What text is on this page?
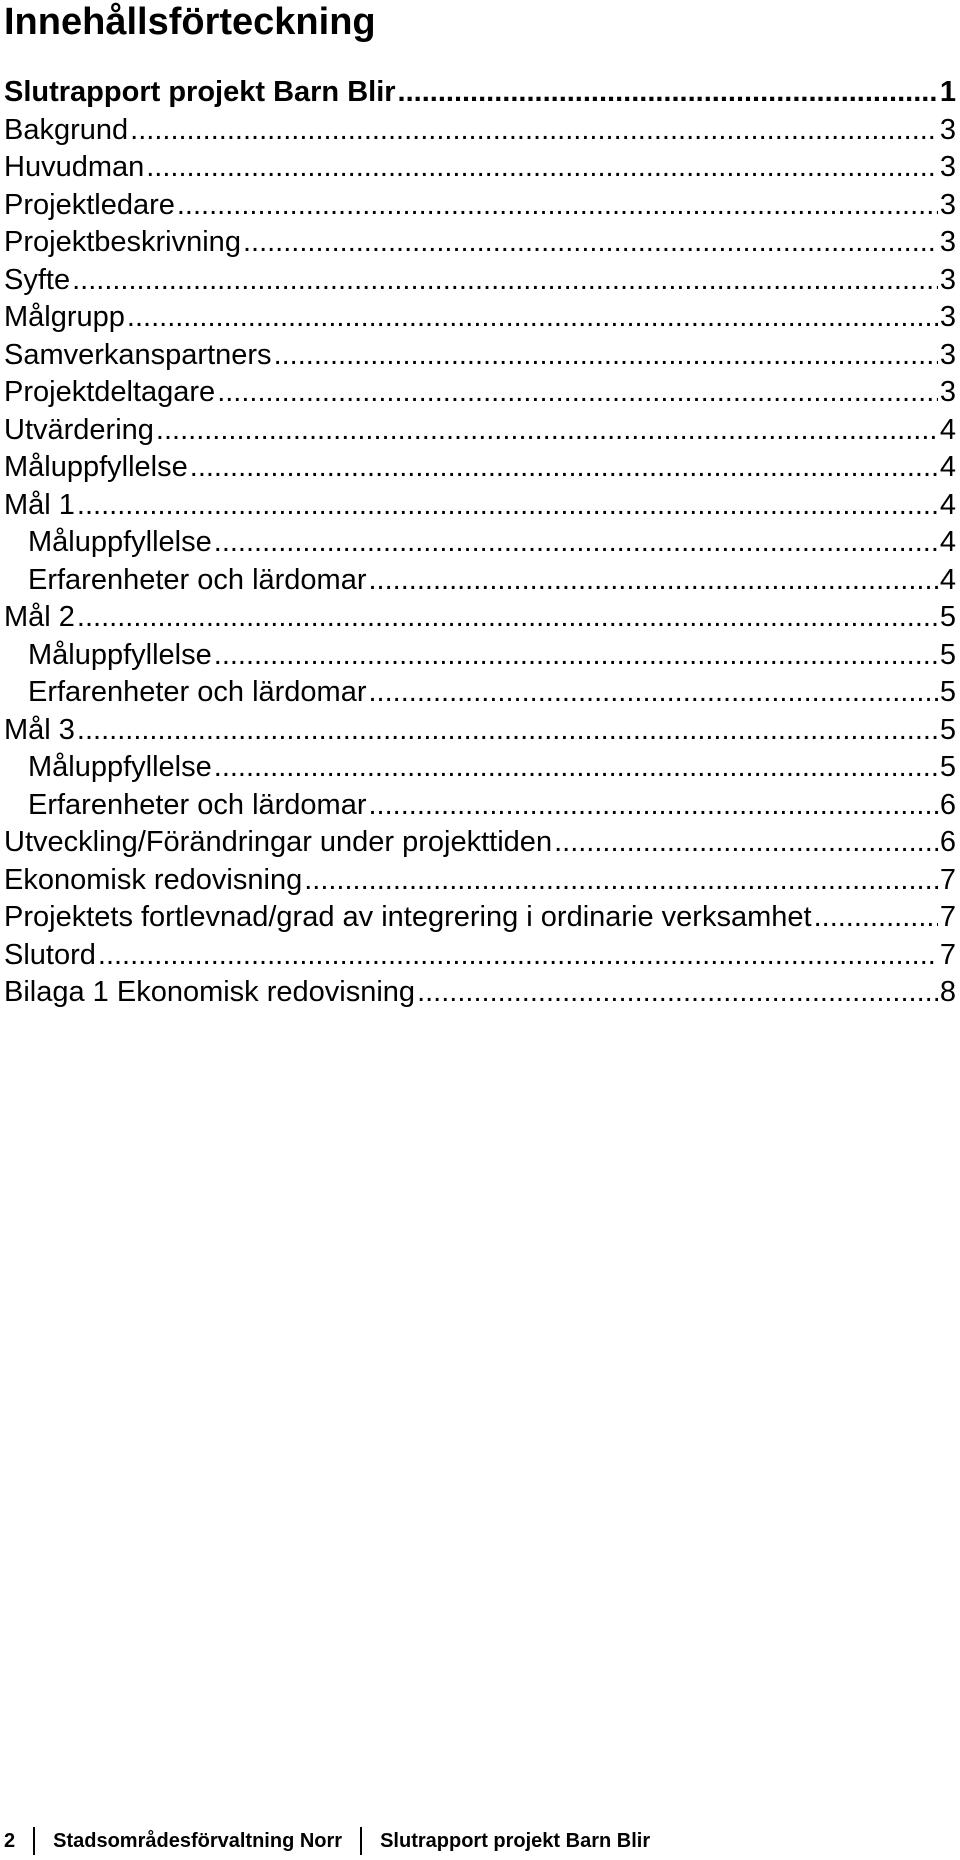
Innehållsförteckning
Slutrapport projekt Barn Blir .....	1
Bakgrund .....	3
Huvudman .....	3
Projektledare .....	3
Projektbeskrivning .....	3
Syfte .....	3
Målgrupp .....	3
Samverkanspartners .....	3
Projektdeltagare .....	3
Utvärdering .....	4
Måluppfyllelse .....	4
Mål 1 .....	4
Måluppfyllelse .....	4
Erfarenheter och lärdomar .....	4
Mål 2 .....	5
Måluppfyllelse .....	5
Erfarenheter och lärdomar .....	5
Mål 3 .....	5
Måluppfyllelse .....	5
Erfarenheter och lärdomar .....	6
Utveckling/Förändringar under projekttiden .....	6
Ekonomisk redovisning .....	7
Projektets fortlevnad/grad av integrering i ordinarie verksamhet .....	7
Slutord .....	7
Bilaga 1 Ekonomisk redovisning .....	8
2 Stadsområdesförvaltning Norr Slutrapport projekt Barn Blir
